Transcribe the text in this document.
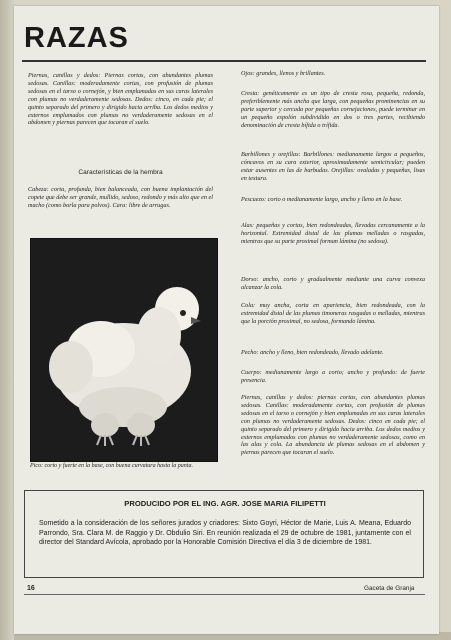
RAZAS

Piernas, canillas y dedos: Piernas cortas, con abundantes plumas sedosas. Canillas: moderadamente cortas, con profusión de plumas sedosas en el tarso o cornejón, y bien emplumadas en sus caras laterales con plumas no verdaderamente sedosas. Dedos: cinco, en cada pie; el quinto separado del primero y dirigido hacia arriba. Los dedos medios y externos emplumados con plumas no verdaderamente sedosas en el abdomen y piernas parecen que tocaran el suelo.

Características de la hembra

Cabeza: corta, profunda, bien balanceada, con buena implantación del copete que debe ser grande, mullido, sedoso, redondo y más alto que en el macho (como borla para polvos). Cara: libre de arrugas.

Pico: corto y fuerte en la base, con buena curvatura hasta la punta.

Ojos: grandes, llenos y brillantes.

Cresta: genéticamente es un tipo de cresta rosa, pequeña, redonda, preferiblemente más ancha que larga, con pequeñas prominencias en su parte superior y cercada por pequeñas cornejaciones, puede terminar en un pequeño espolón subdividido en dos o tres partes, recibiendo denominación de cresta bífida o trífida.

Barbillones y orejillas: Barbillones: medianamente largos a pequeños, cóncavos en su cara exterior, aproximadamente semicircular; pueden estar ausentes en las de barbudas. Orejillas: ovaladas y pequeñas, lisas en textura.

Pescuezo: corto o medianamente largo, ancho y lleno en la base.

Alas: pequeñas y cortas, bien redondeadas, llevadas cercanamente a la horizontal. Extremidad distal de las plumas melladas o rasgadas, mientras que su parte proximal forman lámina (no sedosa).

Dorso: ancho, corto y gradualmente mediante una curva convexa alcanzar la cola.

Cola: muy ancha, corta en apariencia, bien redondeada, con la extremidad distal de las plumas timoneras rasgadas o melladas, mientras que la porción proximal, no sedosa, formando lámina.

Pecho: ancho y lleno, bien redondeado, llevado adelante.

Cuerpo: medianamente largo a corto; ancho y profundo: de fuerte presencia.

Piernas, canillas y dedos: piernas cortas, con abundantes plumas sedosas. Canillas: moderadamente cortas, con profusión de plumas sedosas en el tarso o cornejón y bien emplumadas en sus caras laterales con plumas no verdaderamente sedosas. Dedos: cinco en cada pie; el quinto separado del primero y dirigido hacia arriba. Los dedos medios y externos emplumados con plumas no verdaderamente sedosas, como en las alas y cola. La abundancia de plumas sedosas en el abdomen y piernas parecen que tocaran el suelo.

PRODUCIDO POR EL ING. AGR. JOSE MARIA FILIPETTI

Sometido a la consideración de los señores jurados y criadores: Sixto Goyri, Héctor de Marie, Luis A. Meana, Eduardo Parrondo, Sra. Clara M. de Raggio y Dr. Obdulio Siri. En reunión realizada el 29 de octubre de 1981, juntamente con el director del Standard Avícola, aprobado por la Honorable Comisión Directiva el día 3 de diciembre de 1981.

16	Gaceta de Granja
